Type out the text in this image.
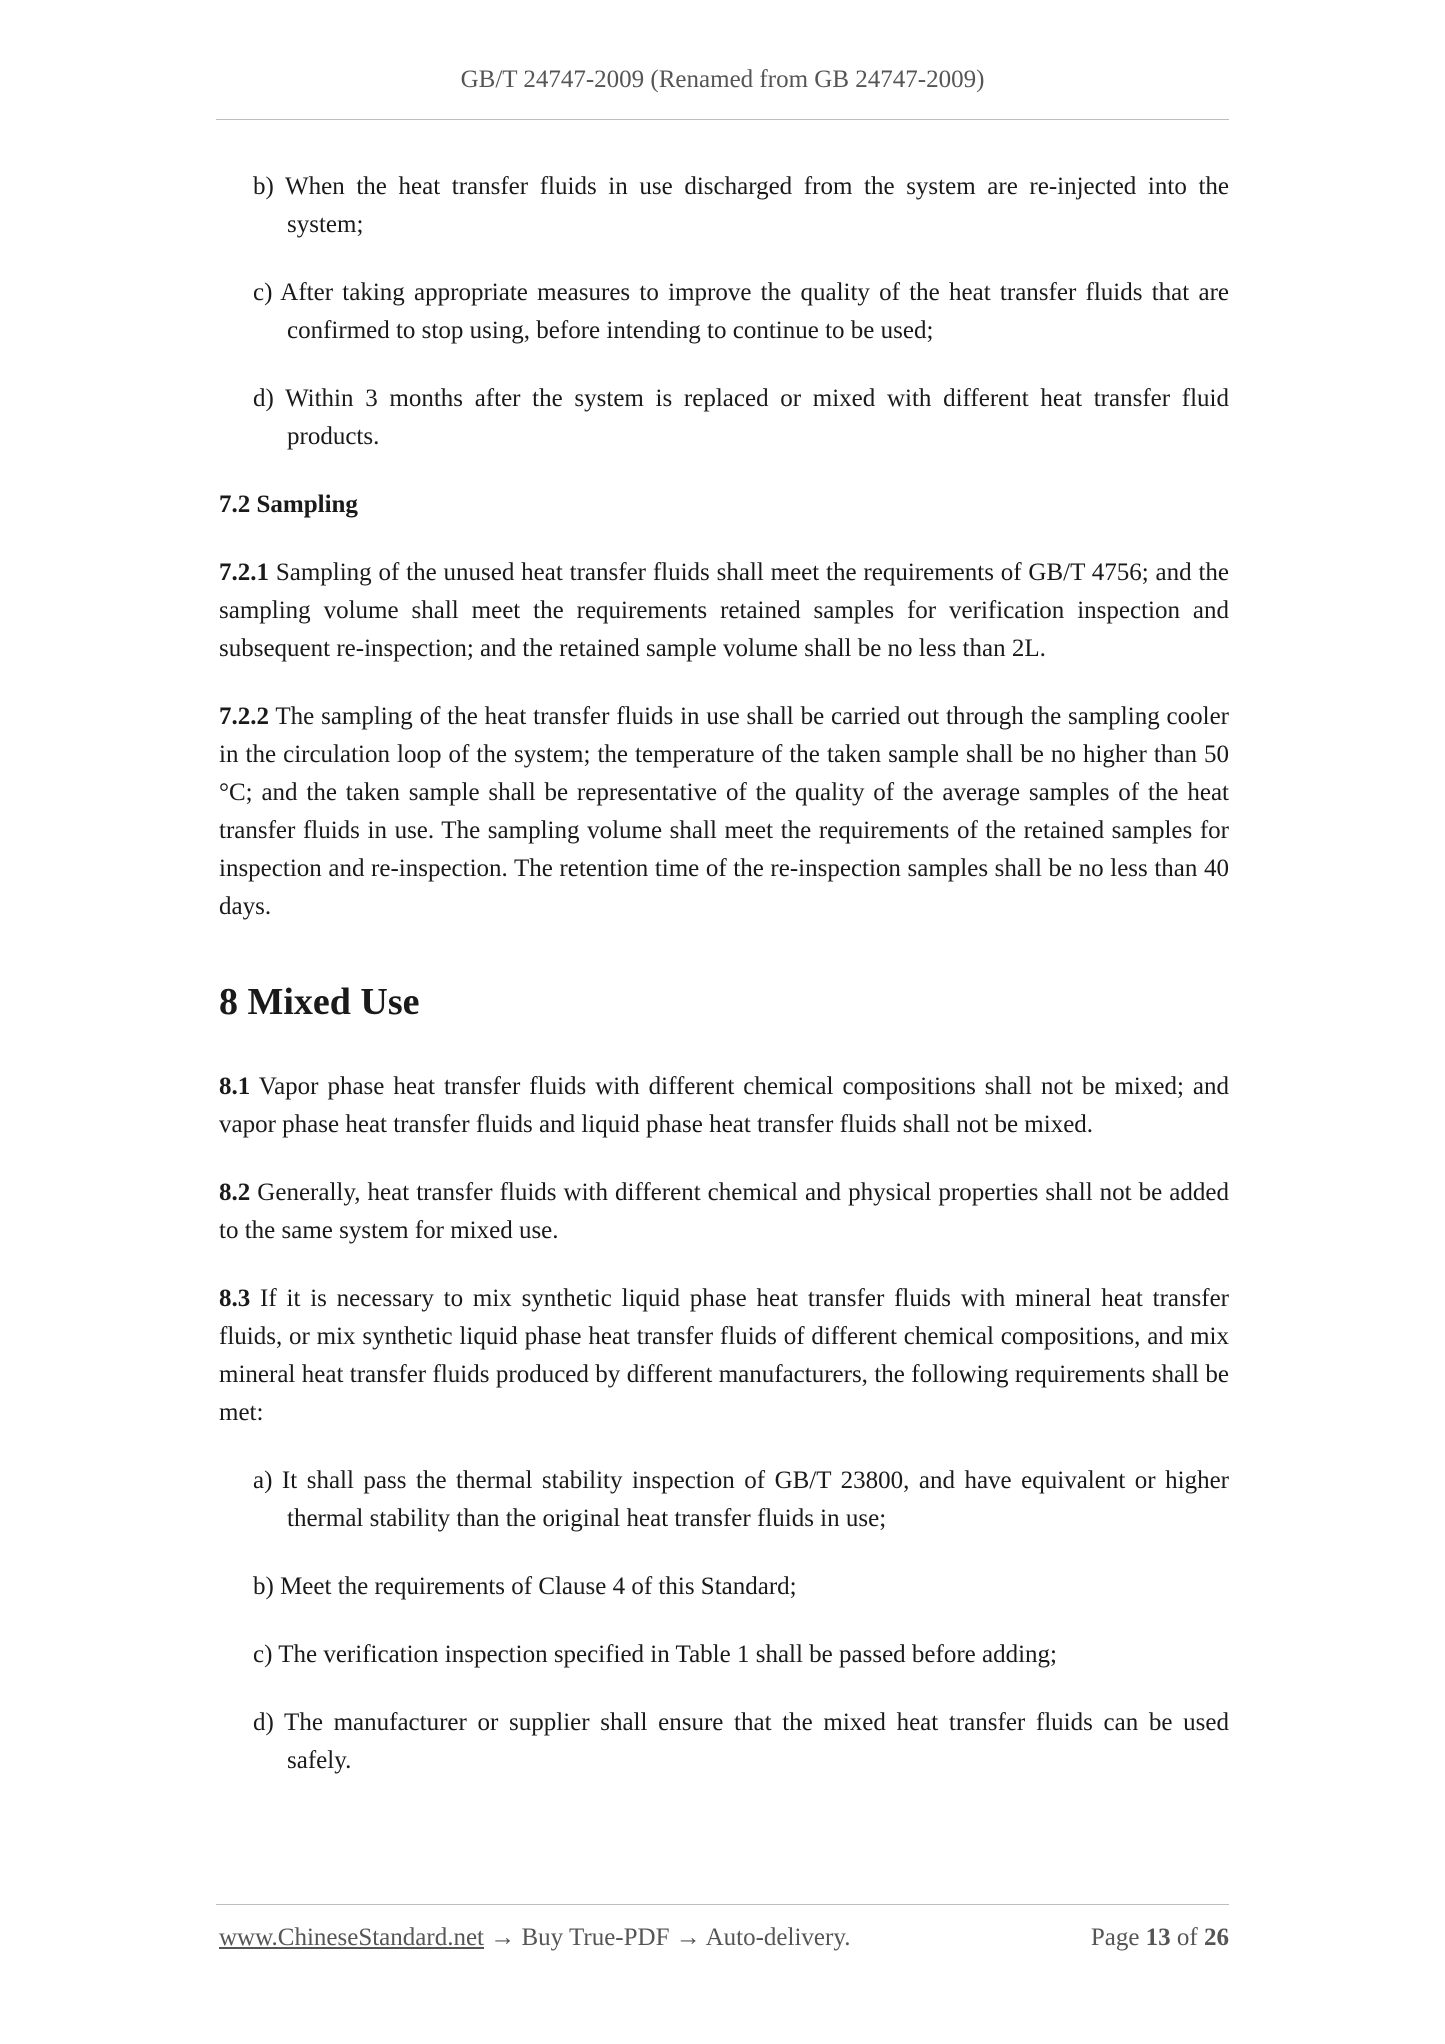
GB/T 24747-2009 (Renamed from GB 24747-2009)
b) When the heat transfer fluids in use discharged from the system are re-injected into the system;
c) After taking appropriate measures to improve the quality of the heat transfer fluids that are confirmed to stop using, before intending to continue to be used;
d) Within 3 months after the system is replaced or mixed with different heat transfer fluid products.
7.2 Sampling
7.2.1 Sampling of the unused heat transfer fluids shall meet the requirements of GB/T 4756; and the sampling volume shall meet the requirements retained samples for verification inspection and subsequent re-inspection; and the retained sample volume shall be no less than 2L.
7.2.2 The sampling of the heat transfer fluids in use shall be carried out through the sampling cooler in the circulation loop of the system; the temperature of the taken sample shall be no higher than 50 °C; and the taken sample shall be representative of the quality of the average samples of the heat transfer fluids in use. The sampling volume shall meet the requirements of the retained samples for inspection and re-inspection. The retention time of the re-inspection samples shall be no less than 40 days.
8 Mixed Use
8.1 Vapor phase heat transfer fluids with different chemical compositions shall not be mixed; and vapor phase heat transfer fluids and liquid phase heat transfer fluids shall not be mixed.
8.2 Generally, heat transfer fluids with different chemical and physical properties shall not be added to the same system for mixed use.
8.3 If it is necessary to mix synthetic liquid phase heat transfer fluids with mineral heat transfer fluids, or mix synthetic liquid phase heat transfer fluids of different chemical compositions, and mix mineral heat transfer fluids produced by different manufacturers, the following requirements shall be met:
a) It shall pass the thermal stability inspection of GB/T 23800, and have equivalent or higher thermal stability than the original heat transfer fluids in use;
b) Meet the requirements of Clause 4 of this Standard;
c) The verification inspection specified in Table 1 shall be passed before adding;
d) The manufacturer or supplier shall ensure that the mixed heat transfer fluids can be used safely.
www.ChineseStandard.net → Buy True-PDF → Auto-delivery.	Page 13 of 26
